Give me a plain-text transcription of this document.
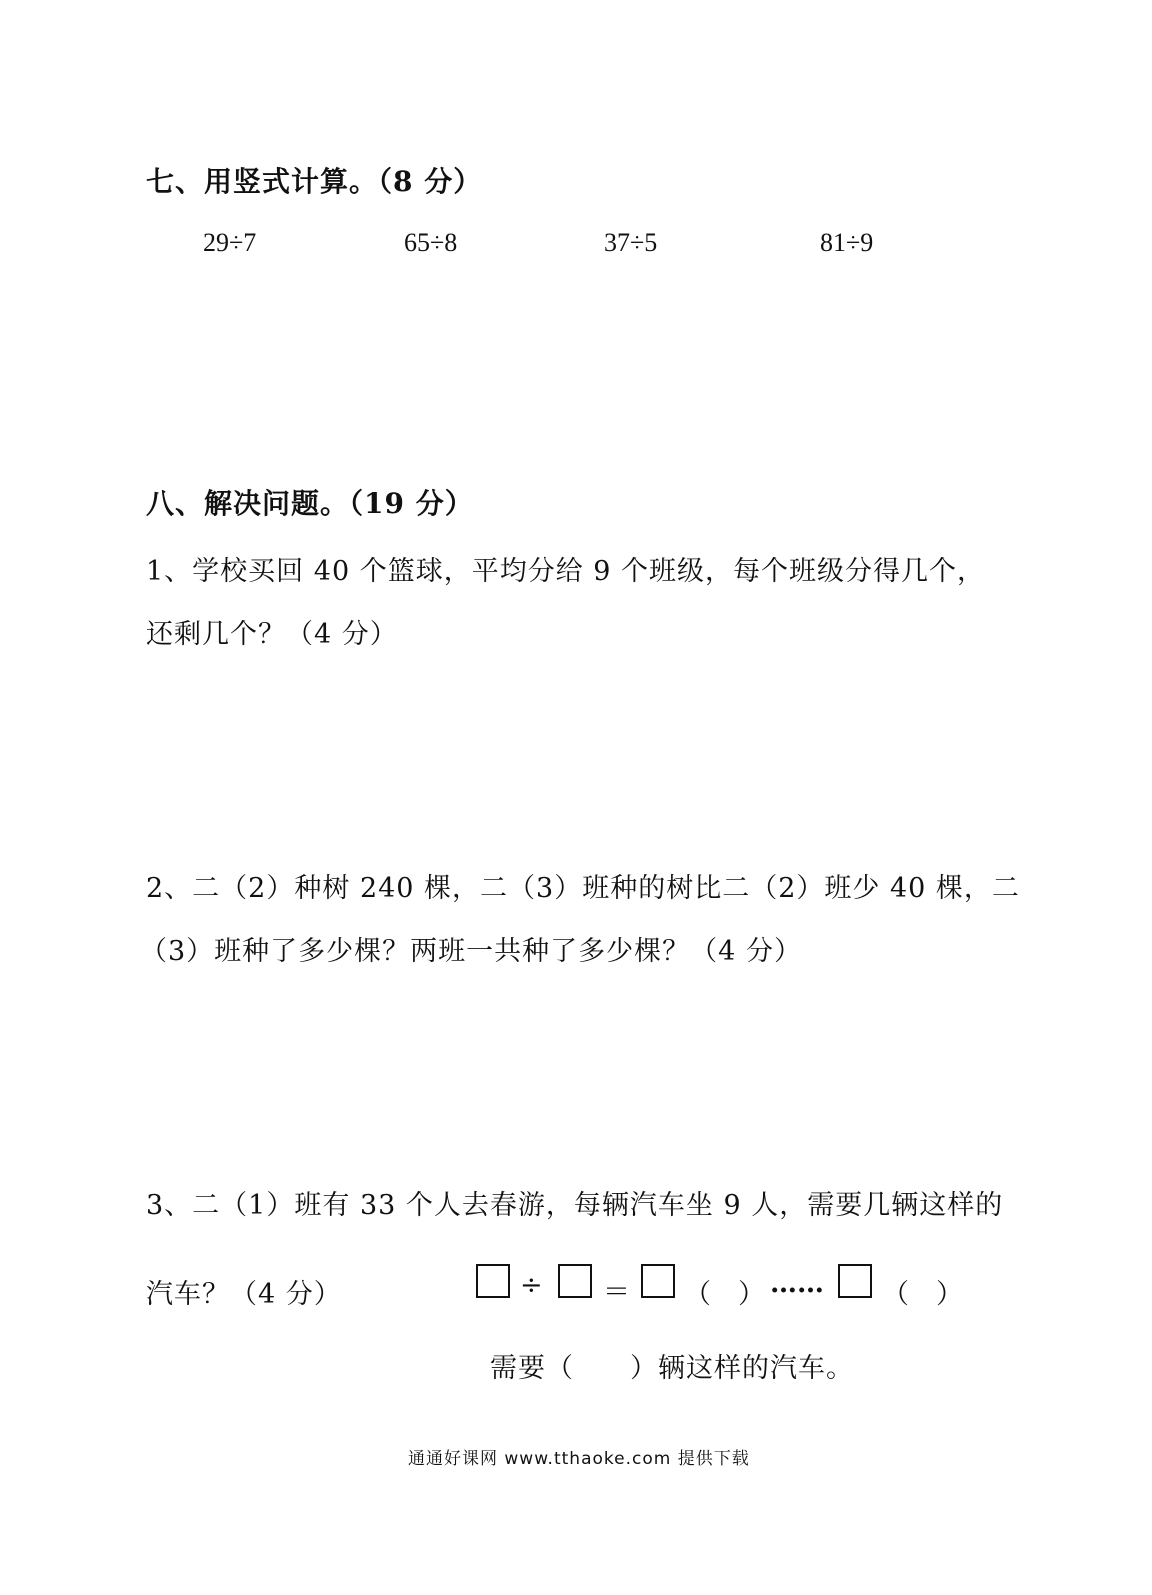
七、用竖式计算。（8 分）
29÷7	65÷8	37÷5	81÷9
八、解决问题。（19 分）
1、学校买回 40 个篮球，平均分给 9 个班级，每个班级分得几个，
还剩几个？（4 分）
2、二（2）种树 240 棵，二（3）班种的树比二（2）班少 40 棵，二
（3）班种了多少棵？两班一共种了多少棵？（4 分）
3、二（1）班有 33 个人去春游，每辆汽车坐 9 人，需要几辆这样的
汽车？（4 分）	÷ ＝ （　） …… （　）
需要（　　）辆这样的汽车。
通通好课网 www.tthaoke.com 提供下载
